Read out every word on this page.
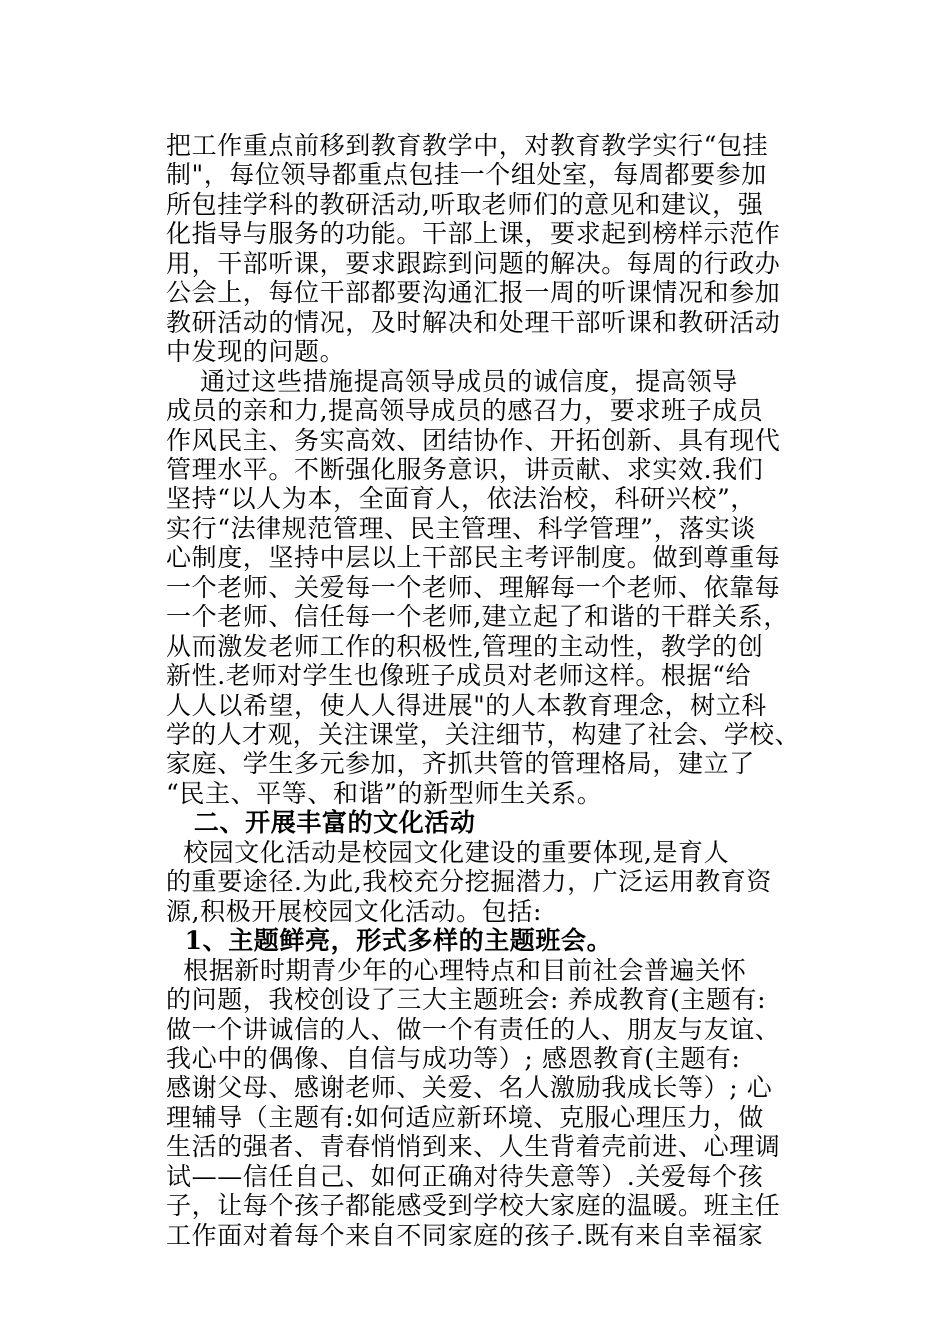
把工作重点前移到教育教学中，对教育教学实行“包挂
制"，每位领导都重点包挂一个组处室，每周都要参加
所包挂学科的教研活动,听取老师们的意见和建议，强
化指导与服务的功能。干部上课，要求起到榜样示范作
用，干部听课，要求跟踪到问题的解决。每周的行政办
公会上，每位干部都要沟通汇报一周的听课情况和参加
教研活动的情况，及时解决和处理干部听课和教研活动
中发现的问题。
通过这些措施提高领导成员的诚信度，提高领导
成员的亲和力,提高领导成员的感召力，要求班子成员
作风民主、务实高效、团结协作、开拓创新、具有现代
管理水平。不断强化服务意识，讲贡献、求实效.我们
坚持“以人为本，全面育人，依法治校，科研兴校”，
实行“法律规范管理、民主管理、科学管理”，落实谈
心制度，坚持中层以上干部民主考评制度。做到尊重每
一个老师、关爱每一个老师、理解每一个老师、依靠每
一个老师、信任每一个老师,建立起了和谐的干群关系，
从而激发老师工作的积极性,管理的主动性，教学的创
新性.老师对学生也像班子成员对老师这样。根据“给
人人以希望，使人人得进展"的人本教育理念，树立科
学的人才观，关注课堂，关注细节，构建了社会、学校、
家庭、学生多元参加，齐抓共管的管理格局，建立了
“民主、平等、和谐”的新型师生关系。
二、开展丰富的文化活动
校园文化活动是校园文化建设的重要体现,是育人
的重要途径.为此,我校充分挖掘潜力，广泛运用教育资
源,积极开展校园文化活动。包括:
1、主题鲜亮，形式多样的主题班会。
根据新时期青少年的心理特点和目前社会普遍关怀
的问题，我校创设了三大主题班会: 养成教育(主题有:
做一个讲诚信的人、做一个有责任的人、朋友与友谊、
我心中的偶像、自信与成功等）; 感恩教育(主题有:
感谢父母、感谢老师、关爱、名人激励我成长等）; 心
理辅导（主题有:如何适应新环境、克服心理压力，做
生活的强者、青春悄悄到来、人生背着壳前进、心理调
试——信任自己、如何正确对待失意等）.关爱每个孩
子，让每个孩子都能感受到学校大家庭的温暖。班主任
工作面对着每个来自不同家庭的孩子.既有来自幸福家
